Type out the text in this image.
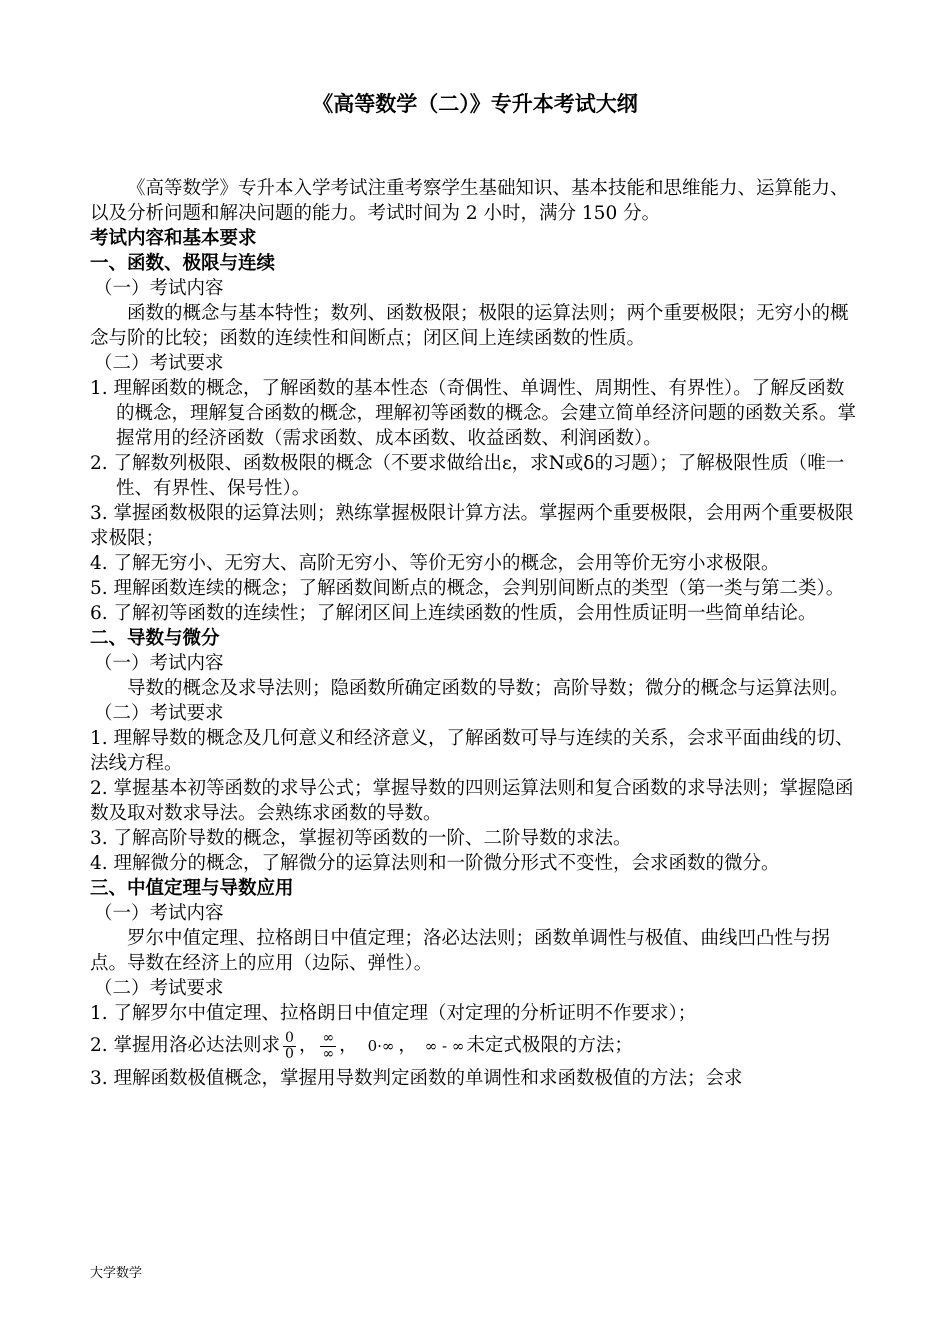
《高等数学（二）》专升本考试大纲

《高等数学》专升本入学考试注重考察学生基础知识、基本技能和思维能力、运算能力、以及分析问题和解决问题的能力。考试时间为 2 小时，满分 150 分。

考试内容和基本要求

一、函数、极限与连续

（一）考试内容

函数的概念与基本特性；数列、函数极限；极限的运算法则；两个重要极限；无穷小的概念与阶的比较；函数的连续性和间断点；闭区间上连续函数的性质。

（二）考试要求

1. 理解函数的概念，了解函数的基本性态（奇偶性、单调性、周期性、有界性）。了解反函数的概念，理解复合函数的概念，理解初等函数的概念。会建立简单经济问题的函数关系。掌握常用的经济函数（需求函数、成本函数、收益函数、利润函数）。

2. 了解数列极限、函数极限的概念（不要求做给出ε，求N或δ的习题）；了解极限性质（唯一性、有界性、保号性）。

3. 掌握函数极限的运算法则；熟练掌握极限计算方法。掌握两个重要极限，会用两个重要极限求极限；

4. 了解无穷小、无穷大、高阶无穷小、等价无穷小的概念，会用等价无穷小求极限。

5. 理解函数连续的概念；了解函数间断点的概念，会判别间断点的类型（第一类与第二类）。

6. 了解初等函数的连续性；了解闭区间上连续函数的性质，会用性质证明一些简单结论。

二、导数与微分

（一）考试内容

导数的概念及求导法则；隐函数所确定函数的导数；高阶导数；微分的概念与运算法则。

（二）考试要求

1. 理解导数的概念及几何意义和经济意义，了解函数可导与连续的关系，会求平面曲线的切、法线方程。

2. 掌握基本初等函数的求导公式；掌握导数的四则运算法则和复合函数的求导法则；掌握隐函数及取对数求导法。会熟练求函数的导数。

3. 了解高阶导数的概念，掌握初等函数的一阶、二阶导数的求法。

4. 理解微分的概念，了解微分的运算法则和一阶微分形式不变性，会求函数的微分。

三、中值定理与导数应用

（一）考试内容

罗尔中值定理、拉格朗日中值定理；洛必达法则；函数单调性与极值、曲线凹凸性与拐点。导数在经济上的应用（边际、弹性）。

（二）考试要求

1. 了解罗尔中值定理、拉格朗日中值定理（对定理的分析证明不作要求）；

2. 掌握用洛必达法则求 $\frac{0}{0}$ ， $\frac{\infty}{\infty}$ ， 0·∞ ， ∞ - ∞ 未定式极限的方法；

3. 理解函数极值概念，掌握用导数判定函数的单调性和求函数极值的方法；会求

大学数学
